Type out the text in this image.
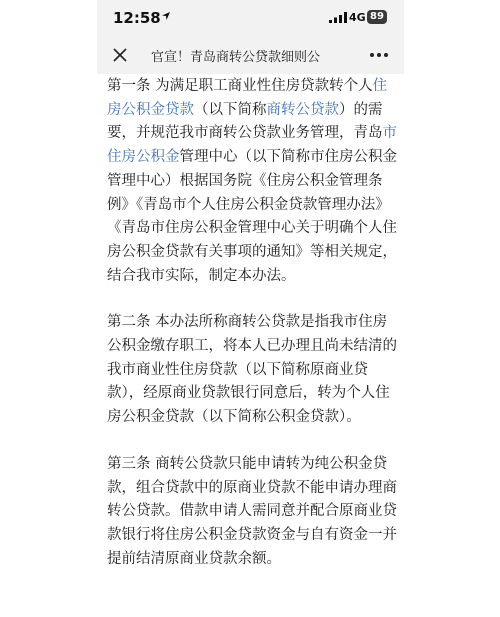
12:58	4G 89
官宣！青岛商转公贷款细则公

第一条 为满足职工商业性住房贷款转个人住房公积金贷款（以下简称商转公贷款）的需要，并规范我市商转公贷款业务管理，青岛市住房公积金管理中心（以下简称市住房公积金管理中心）根据国务院《住房公积金管理条例》《青岛市个人住房公积金贷款管理办法》《青岛市住房公积金管理中心关于明确个人住房公积金贷款有关事项的通知》等相关规定，结合我市实际，制定本办法。

第二条 本办法所称商转公贷款是指我市住房公积金缴存职工，将本人已办理且尚未结清的我市商业性住房贷款（以下简称原商业贷款），经原商业贷款银行同意后，转为个人住房公积金贷款（以下简称公积金贷款）。

第三条 商转公贷款只能申请转为纯公积金贷款，组合贷款中的原商业贷款不能申请办理商转公贷款。借款申请人需同意并配合原商业贷款银行将住房公积金贷款资金与自有资金一并提前结清原商业贷款余额。
